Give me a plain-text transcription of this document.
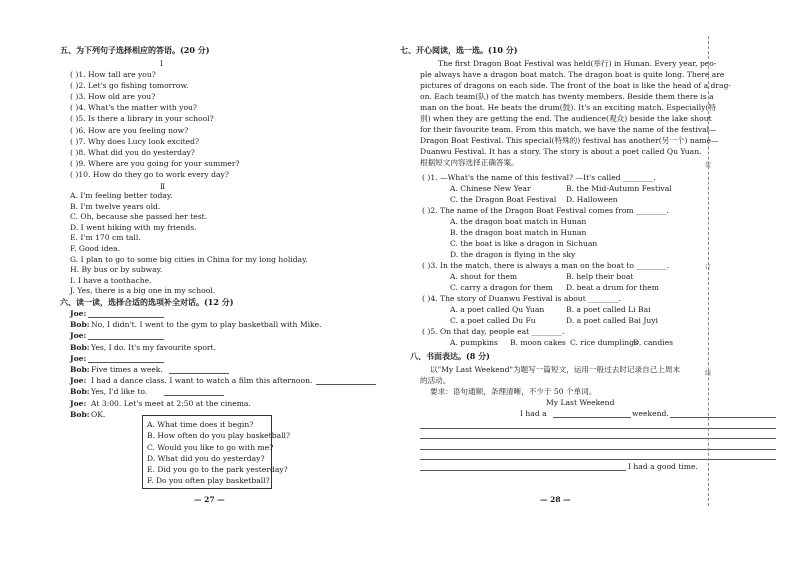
五、为下列句子选择相应的答语。(20 分)
Ⅰ
Ⅱ
六、读一读，选择合适的选项补全对话。(12 分)
A. What time does it begin?
B. How often do you play basketball?
C. Would you like to go with me?
D. What did you do yesterday?
E. Did you go to the park yesterday?
F. Do you often play basketball?
— 27 —
( )1. How tall are you?
( )2. Let's go fishing tomorrow.
( )3. How old are you?
( )4. What's the matter with you?
( )5. Is there a library in your school?
( )6. How are you feeling now?
( )7. Why does Lucy look excited?
( )8. What did you do yesterday?
( )9. Where are you going for your summer?
( )10. How do they go to work every day?
A. I'm feeling better today.
B. I'm twelve years old.
C. Oh, because she passed her test.
D. I went hiking with my friends.
E. I'm 170 cm tall.
F. Good idea.
G. I plan to go to some big cities in China for my long holiday.
H. By bus or by subway.
I. I have a toothache.
J. Yes, there is a big one in my school.
Joe:
Bob: No, I didn't. I went to the gym to play basketball with Mike.
Joe:
Bob: Yes, I do. It's my favourite sport.
Joe:
Bob: Five times a week.
Joe: I had a dance class. I want to watch a film this afternoon.
Bob: Yes, I'd like to.
Joe: At 3:00. Let's meet at 2:50 at the cinema.
Bob: OK.
七、开心阅读，选一选。(10 分)
八、书面表达。(8 分)
以"My Last Weekend"为题写一篇短文，运用一般过去时记录自己上周末
的活动。
要求：语句通顺，条理清晰，不少于 50 个单词。
My Last Weekend
I had a	weekend.
I had a good time.
— 28 —
The first Dragon Boat Festival was held(举行) in Hunan. Every year, peo-
ple always have a dragon boat match. The dragon boat is quite long. There are
pictures of dragons on each side. The front of the boat is like the head of a drag-
on. Each team(队) of the match has twenty members. Beside them there is a
man on the boat. He beats the drum(鼓). It's an exciting match. Especially(特
别) when they are getting the end. The audience(观众) beside the lake shout
for their favourite team. From this match, we have the name of the festival—
Dragon Boat Festival. This special(特殊的) festival has another(另一个) name—
Duanwu Festival. It has a story. The story is about a poet called Qu Yuan.
根据短文内容选择正确答案。
( )1. —What's the name of this festival? —It's called ________.
A. Chinese New Year	B. the Mid-Autumn Festival
C. the Dragon Boat Festival D. Halloween
( )2. The name of the Dragon Boat Festival comes from ________.
A. the dragon boat match in Hunan
B. the dragon boat match in Hunan
C. the boat is like a dragon in Sichuan
D. the dragon is flying in the sky
( )3. In the match, there is always a man on the boat to ________.
A. shout for them	B. help their boat
C. carry a dragon for them D. beat a drum for them
( )4. The story of Duanwu Festival is about ________.
A. a poet called Qu Yuan	B. a poet called Li Bai
C. a poet called Du Fu	D. a poet called Bai Juyi
( )5. On that day, people eat ________.
A. pumpkins B. moon cakes C. rice dumplings
D. candies
装
订
线
